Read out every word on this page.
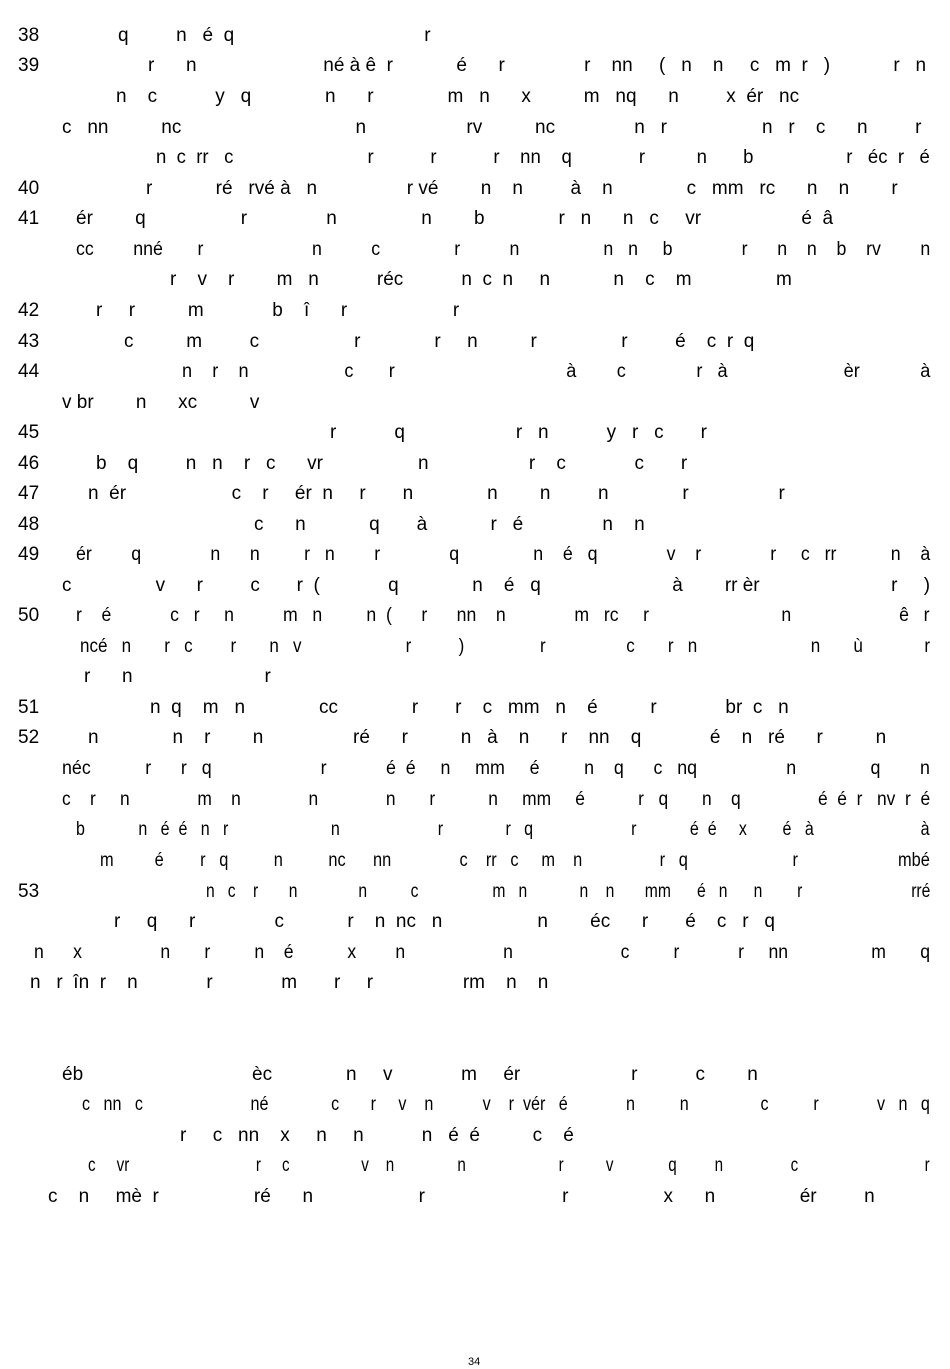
38	q         n   é  q                                    r
39	r      n                        né à ê  r            é      r               r    nn     (   n    n     c   m  r   )            r   n
n    c           y   q              n      r              m   n      x          m   nq      n         x  ér   nc
c   nn          nc                                 n                   rv          nc               n   r                  n   r    c      n         r
n  c  rr   c                          r           r           r    nn    q             r          n       b                  r   éc  r   é
40	r            ré   rvé à   n                 r vé        n    n         à    n              c   mm   rc      n    n        r
41 ér        q                  r               n                n        b              r   n      n   c     vr                   é  â
cc        nné       r                      n          c               r          n                 n   n     b              r      n    n    b    rv        n
r    v    r        m   n           réc           n  c  n     n            n    c    m                m
42	r     r          m             b    î      r                    r
43	c          m         c                  r              r     n          r                r         é    c  r  q
44	n    r    n                   c       r                                  à        c              r   à                       èr            à
v br        n      xc          v
45	r           q                     r   n           y   r   c       r
46	b    q         n   n    r   c      vr                  n                   r    c             c       r
47	n  ér                    c    r     ér  n     r       n              n        n         n              r                 r
48	c      n            q       à            r   é               n    n
49 ér        q              n      n         r   n        r              q               n    é   q              v    r              r     c   rr           n    à
c                v      r         c       r  (             q              n    é   q                         à        rr èr                         r     )
50 r    é            c   r     n          m   n         n  (      r      nn    n              m   rc     r                           n                      ê   r
ncé   n       r   c        r       n   v                      r          )                r                 c       r   n                        n       ù             r
r      n                         r
51	n  q    m   n              cc              r       r    c   mm   n    é          r             br  c   n
52	n              n    r        n                 ré      r          n   à    n      r    nn    q             é    n   ré      r          n
néc           r      r   q                      r            é  é     n     mm     é         n    q      c   nq                  n               q        n
c    r     n              m    n              n              n       r           n     mm     é           r   q       n    q                é  é  r   nv  r  é
b            n   é  é   n   r                       n                      r              r   q                      r            é  é     x        é   à                        à
m         é        r   q          n          nc      nn               c    rr   c     m    n                 r   q                       r                      mbé
53	n   c    r       n              n          c                 m   n            n    n       mm      é   n      n        r                         rré
r     q      r               c            r    n  nc   n                  n        éc      r       é    c   r   q
n      x                n       r         n    é           x        n                    n                      c         r            r     nn                 m       q
n   r  în  r    n             r             m       r     r                 rm    n    n
éb                                èc              n     v             m     ér                     r           c        n
c   nn   c                        né              c       r     v    n           v    r  vér   é             n          n                c          r             v   n   q
r     c   nn    x     n     n           n   é  é          c    é
c     vr                              r     c                 v    n               n                      r          v             q         n                c                              r
c    n     mè  r                  ré      n                    r                          r                  x      n                ér         n
34
